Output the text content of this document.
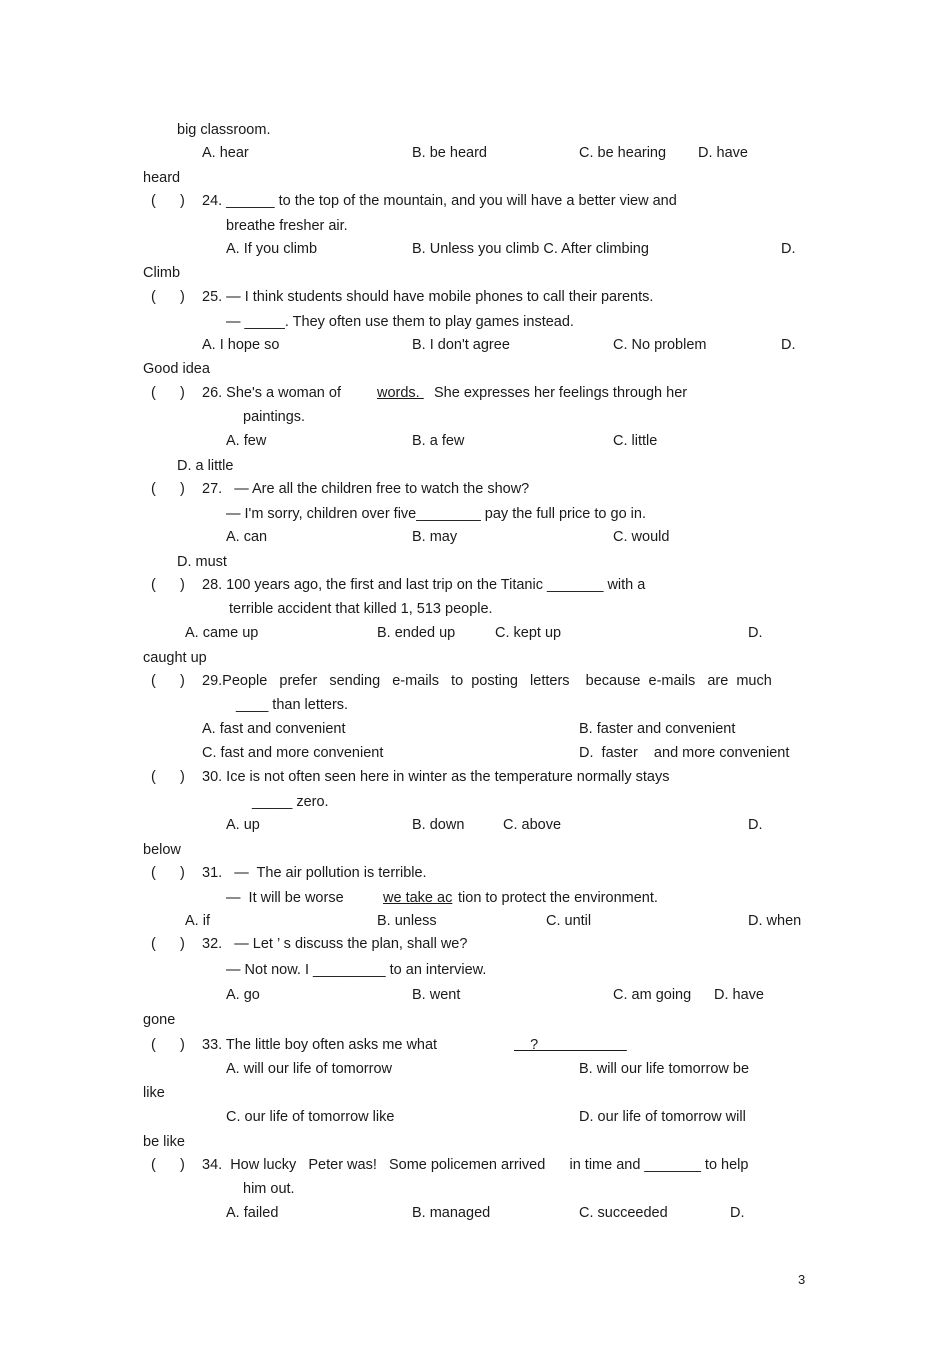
big classroom.
A. hear	B. be heard	C. be hearing D. have
heard
(      ) 24. ______ to the top of the mountain, and you will have a better view and
breathe fresher air.
A. If you climb	B. Unless you climb C. After climbing	D.
Climb
(      ) 25. — I think students should have mobile phones to call their parents.
— _____. They often use them to play games instead.
A. I hope so	B. I don't agree	C. No problem	D.
Good idea
(      ) 26. She's a woman of words. She expresses her feelings through her
paintings.
A. few	B. a few	C. little
D. a little
(      ) 27.   — Are all the children free to watch the show?
— I'm sorry, children over five________ pay the full price to go in.
A. can	B. may	C. would
D. must
(      ) 28. 100 years ago, the first and last trip on the Titanic _______ with a
terrible accident that killed 1, 513 people.
A. came up	B. ended up	C. kept up	D.
caught up
(      ) 29.People   prefer   sending   e-mails   to  posting   letters    because  e-mails   are  much
____ than letters.
A. fast and convenient	B. faster and convenient
C. fast and more convenient	D.  faster    and more convenient
(      ) 30. Ice is not often seen here in winter as the temperature normally stays
_____ zero.
A. up	B. down	C. above	D.
below
(      ) 31.   —  The air pollution is terrible.
—  It will be worse	we take ac tion to protect the environment.
A. if	B. unless	C. until	D. when
(      ) 32.   — Let ’ s discuss the plan, shall we?
— Not now. I _________ to an interview.
A. go	B. went	C. am going D. have
gone
(      ) 33. The little boy often asks me what	?
A. will our life of tomorrow	B. will our life tomorrow be
like
C. our life of tomorrow like	D. our life of tomorrow will
be like
(      ) 34.  How lucky   Peter was!   Some policemen arrived      in time and _______ to help
him out.
A. failed	B. managed	C. succeeded	D.
3
